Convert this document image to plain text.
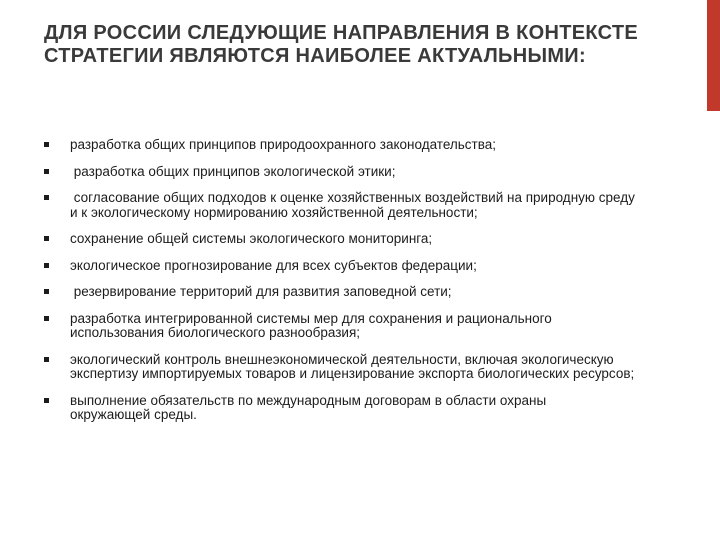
ДЛЯ РОССИИ СЛЕДУЮЩИЕ НАПРАВЛЕНИЯ В КОНТЕКСТЕ СТРАТЕГИИ ЯВЛЯЮТСЯ НАИБОЛЕЕ АКТУАЛЬНЫМИ:
разработка общих принципов природоохранного законодательства;
разработка общих принципов экологической этики;
согласование общих подходов к оценке хозяйственных воздействий на природную среду и к экологическому нормированию хозяйственной деятельности;
сохранение общей системы экологического мониторинга;
экологическое прогнозирование для всех субъектов федерации;
резервирование территорий для развития заповедной сети;
разработка интегрированной системы мер для сохранения и рационального использования биологического разнообразия;
экологический контроль внешнеэкономической деятельности, включая экологическую экспертизу импортируемых товаров и лицензирование экспорта биологических ресурсов;
выполнение обязательств по международным договорам в области охраны окружающей среды.
